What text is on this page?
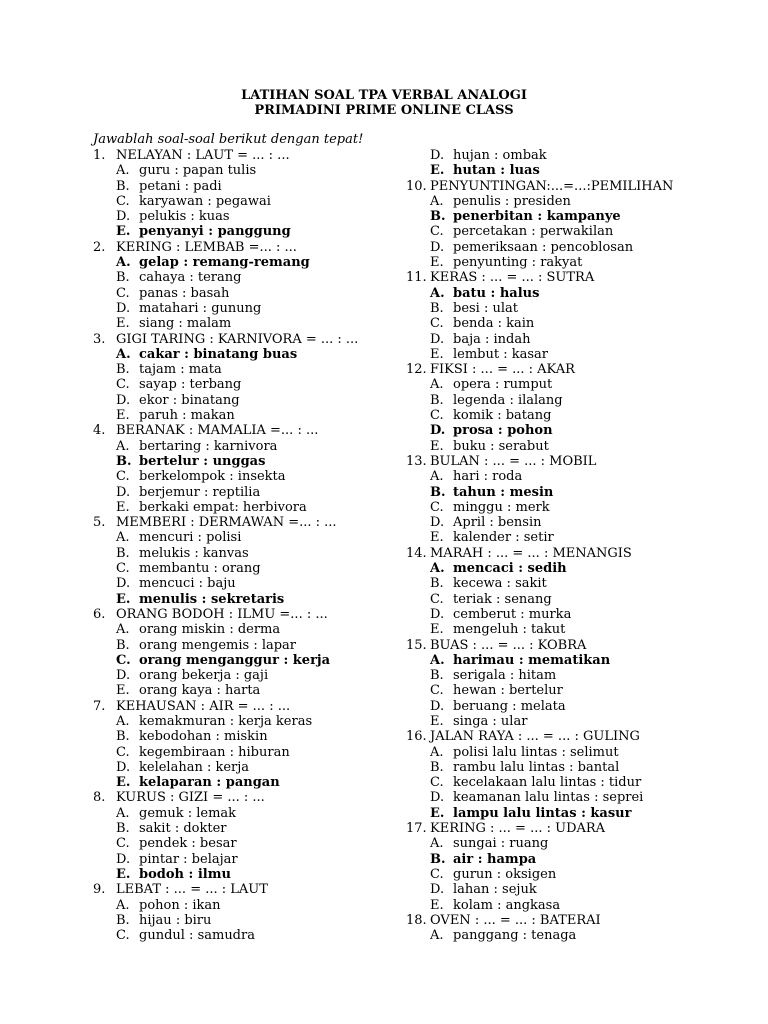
LATIHAN SOAL TPA VERBAL ANALOGI
PRIMADINI PRIME ONLINE CLASS
Jawablah soal-soal berikut dengan tepat!
1. NELAYAN : LAUT = ... : ...
A. guru : papan tulis
B. petani : padi
C. karyawan : pegawai
D. pelukis : kuas
E. penyanyi : panggung
2. KERING : LEMBAB =... : ...
A. gelap : remang-remang
B. cahaya : terang
C. panas : basah
D. matahari : gunung
E. siang : malam
3. GIGI TARING : KARNIVORA = ... : ...
A. cakar : binatang buas
B. tajam : mata
C. sayap : terbang
D. ekor : binatang
E. paruh : makan
4. BERANAK : MAMALIA =... : ...
A. bertaring : karnivora
B. bertelur : unggas
C. berkelompok : insekta
D. berjemur : reptilia
E. berkaki empat: herbivora
5. MEMBERI : DERMAWAN =... : ...
A. mencuri : polisi
B. melukis : kanvas
C. membantu : orang
D. mencuci : baju
E. menulis : sekretaris
6. ORANG BODOH : ILMU =... : ...
A. orang miskin : derma
B. orang mengemis : lapar
C. orang menganggur : kerja
D. orang bekerja : gaji
E. orang kaya : harta
7. KEHAUSAN : AIR = ... : ...
A. kemakmuran : kerja keras
B. kebodohan : miskin
C. kegembiraan : hiburan
D. kelelahan : kerja
E. kelaparan : pangan
8. KURUS : GIZI = ... : ...
A. gemuk : lemak
B. sakit : dokter
C. pendek : besar
D. pintar : belajar
E. bodoh : ilmu
9. LEBAT : ... = ... : LAUT
A. pohon : ikan
B. hijau : biru
C. gundul : samudra
D. hujan : ombak
E. hutan : luas
10. PENYUNTINGAN:...=...:PEMILIHAN
A. penulis : presiden
B. penerbitan : kampanye
C. percetakan : perwakilan
D. pemeriksaan : pencoblosan
E. penyunting : rakyat
11. KERAS : ... = ... : SUTRA
A. batu : halus
B. besi : ulat
C. benda : kain
D. baja : indah
E. lembut : kasar
12. FIKSI : ... = ... : AKAR
A. opera : rumput
B. legenda : ilalang
C. komik : batang
D. prosa : pohon
E. buku : serabut
13. BULAN : ... = ... : MOBIL
A. hari : roda
B. tahun : mesin
C. minggu : merk
D. April : bensin
E. kalender : setir
14. MARAH : ... = ... : MENANGIS
A. mencaci : sedih
B. kecewa : sakit
C. teriak : senang
D. cemberut : murka
E. mengeluh : takut
15. BUAS : ... = ... : KOBRA
A. harimau : mematikan
B. serigala : hitam
C. hewan : bertelur
D. beruang : melata
E. singa : ular
16. JALAN RAYA : ... = ... : GULING
A. polisi lalu lintas : selimut
B. rambu lalu lintas : bantal
C. kecelakaan lalu lintas : tidur
D. keamanan lalu lintas : seprei
E. lampu lalu lintas : kasur
17. KERING : ... = ... : UDARA
A. sungai : ruang
B. air : hampa
C. gurun : oksigen
D. lahan : sejuk
E. kolam : angkasa
18. OVEN : ... = ... : BATERAI
A. panggang : tenaga
